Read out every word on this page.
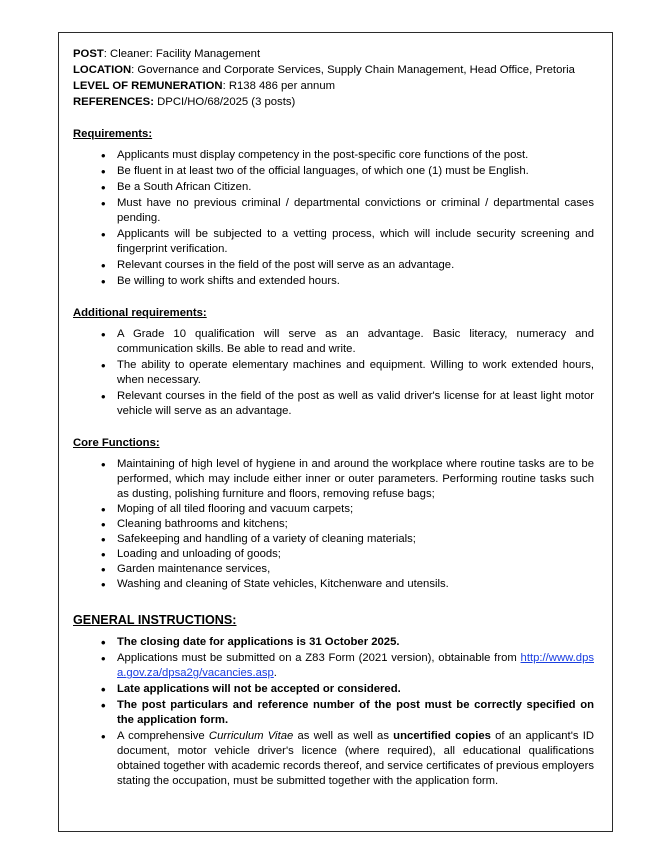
POST: Cleaner: Facility Management
LOCATION: Governance and Corporate Services, Supply Chain Management, Head Office, Pretoria
LEVEL OF REMUNERATION: R138 486 per annum
REFERENCES: DPCI/HO/68/2025 (3 posts)
Requirements:
• Applicants must display competency in the post-specific core functions of the post.
• Be fluent in at least two of the official languages, of which one (1) must be English.
• Be a South African Citizen.
• Must have no previous criminal / departmental convictions or criminal / departmental cases pending.
• Applicants will be subjected to a vetting process, which will include security screening and fingerprint verification.
• Relevant courses in the field of the post will serve as an advantage.
• Be willing to work shifts and extended hours.
Additional requirements:
• A Grade 10 qualification will serve as an advantage. Basic literacy, numeracy and communication skills. Be able to read and write.
• The ability to operate elementary machines and equipment. Willing to work extended hours, when necessary.
• Relevant courses in the field of the post as well as valid driver's license for at least light motor vehicle will serve as an advantage.
Core Functions:
• Maintaining of high level of hygiene in and around the workplace where routine tasks are to be performed, which may include either inner or outer parameters. Performing routine tasks such as dusting, polishing furniture and floors, removing refuse bags;
• Moping of all tiled flooring and vacuum carpets;
• Cleaning bathrooms and kitchens;
• Safekeeping and handling of a variety of cleaning materials;
• Loading and unloading of goods;
• Garden maintenance services,
• Washing and cleaning of State vehicles, Kitchenware and utensils.
GENERAL INSTRUCTIONS:
• The closing date for applications is 31 October 2025.
• Applications must be submitted on a Z83 Form (2021 version), obtainable from http://www.dpsa.gov.za/dpsa2g/vacancies.asp.
• Late applications will not be accepted or considered.
• The post particulars and reference number of the post must be correctly specified on the application form.
• A comprehensive Curriculum Vitae as well as well as uncertified copies of an applicant's ID document, motor vehicle driver's licence (where required), all educational qualifications obtained together with academic records thereof, and service certificates of previous employers stating the occupation, must be submitted together with the application form.
